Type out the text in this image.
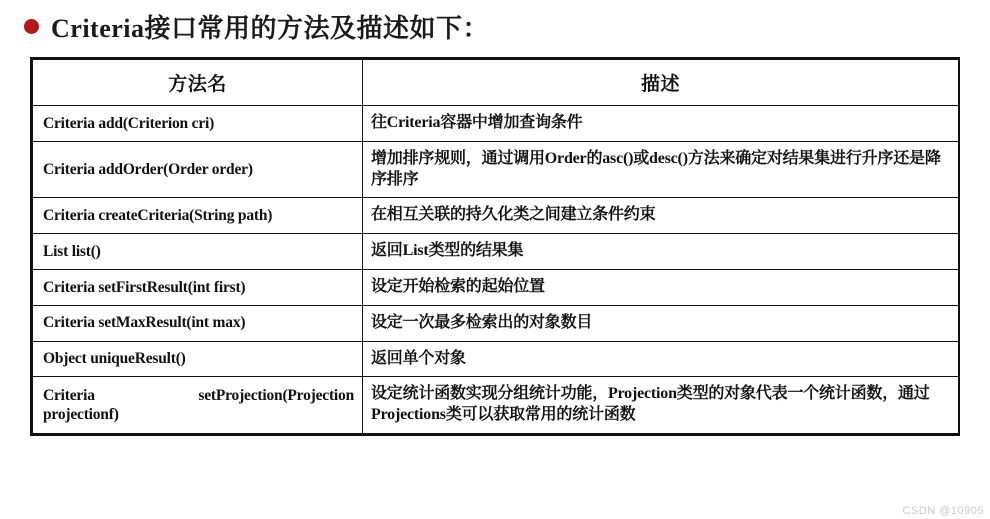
Criteria接口常用的方法及描述如下：
方法名	描述
Criteria add(Criterion cri)	往Criteria容器中增加查询条件
Criteria addOrder(Order order)	增加排序规则，通过调用Order的asc()或desc()方法来确定对结果集进行升序还是降序排序
Criteria createCriteria(String path)	在相互关联的持久化类之间建立条件约束
List list()	返回List类型的结果集
Criteria setFirstResult(int first)	设定开始检索的起始位置
Criteria setMaxResult(int max)	设定一次最多检索出的对象数目
Object uniqueResult()	返回单个对象

Criteria setProjection(Projection
projectionf)	设定统计函数实现分组统计功能，Projection类型的对象代表一个统计函数，通过Projections类可以获取常用的统计函数
CSDN @10905
